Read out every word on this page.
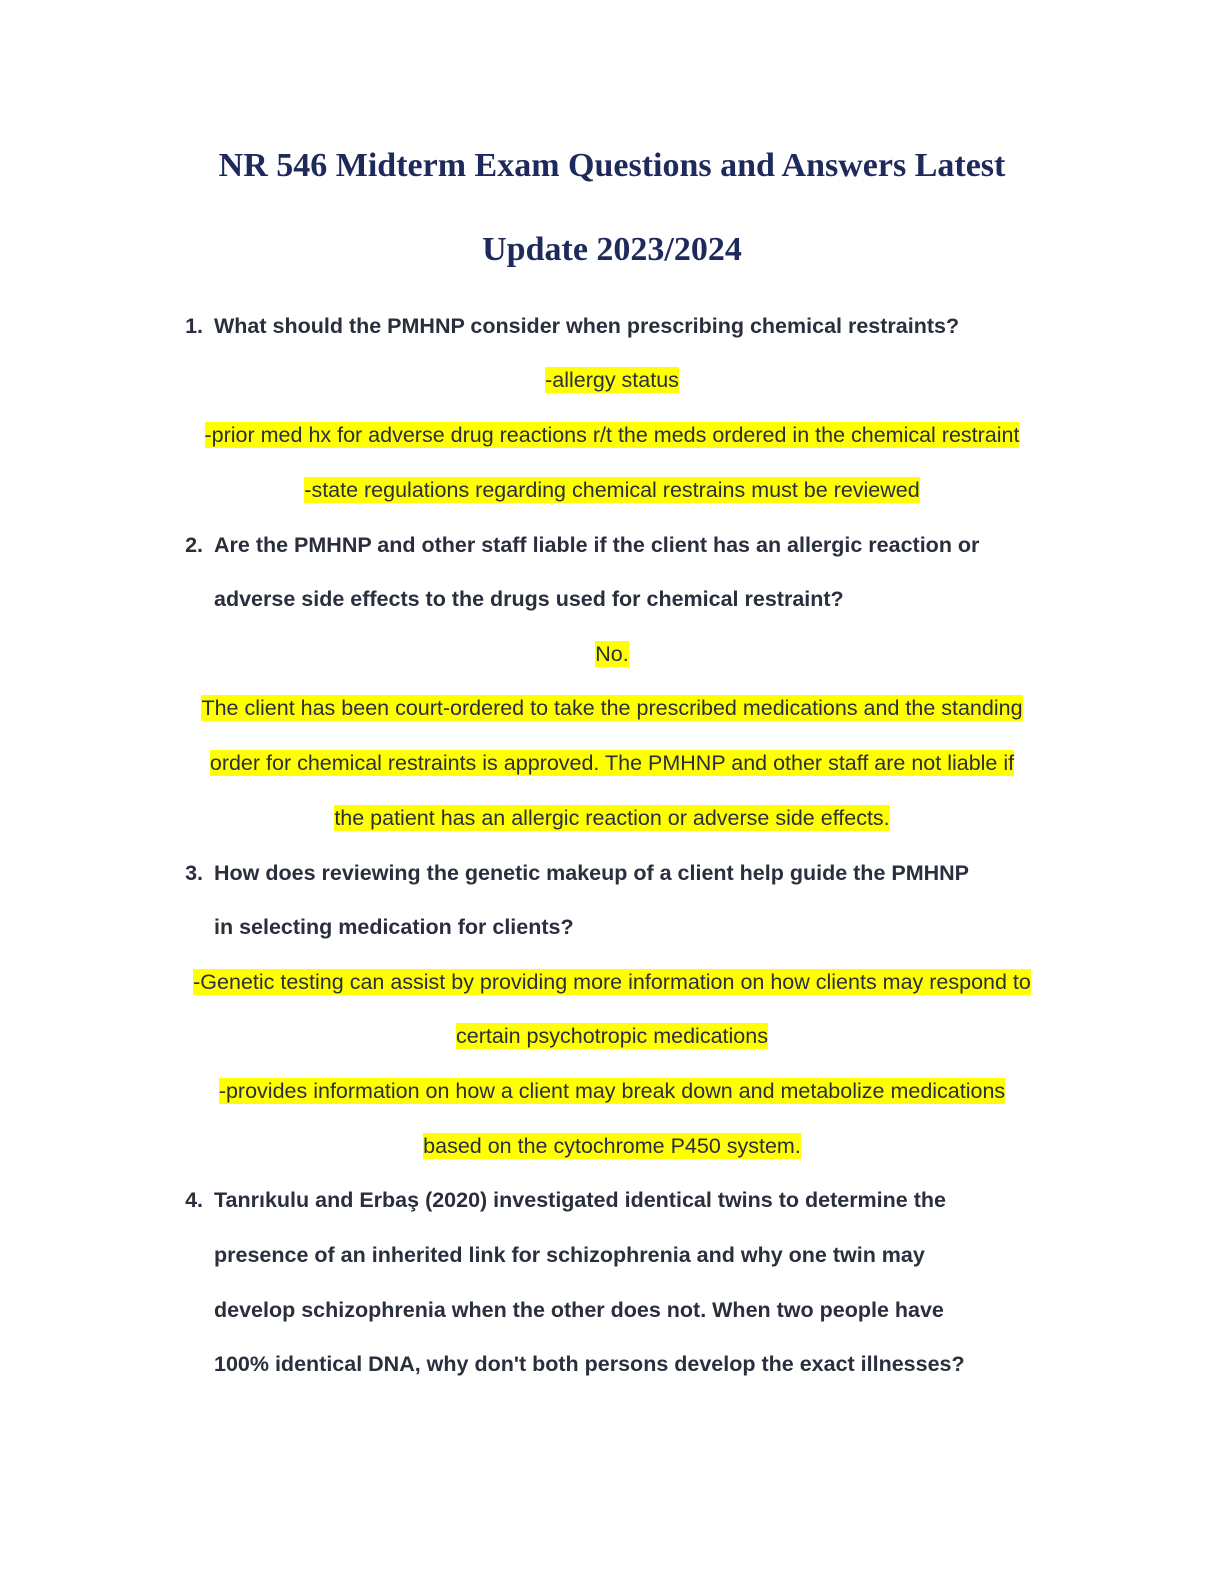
NR 546 Midterm Exam Questions and Answers Latest
Update 2023/2024
1. What should the PMHNP consider when prescribing chemical restraints?
-allergy status
-prior med hx for adverse drug reactions r/t the meds ordered in the chemical restraint
-state regulations regarding chemical restrains must be reviewed
2. Are the PMHNP and other staff liable if the client has an allergic reaction or
adverse side effects to the drugs used for chemical restraint?
No.
The client has been court-ordered to take the prescribed medications and the standing
order for chemical restraints is approved. The PMHNP and other staff are not liable if
the patient has an allergic reaction or adverse side effects.
3. How does reviewing the genetic makeup of a client help guide the PMHNP
in selecting medication for clients?
-Genetic testing can assist by providing more information on how clients may respond to
certain psychotropic medications
-provides information on how a client may break down and metabolize medications
based on the cytochrome P450 system.
4. Tanrıkulu and Erbaş (2020) investigated identical twins to determine the
presence of an inherited link for schizophrenia and why one twin may
develop schizophrenia when the other does not. When two people have
100% identical DNA, why don't both persons develop the exact illnesses?
